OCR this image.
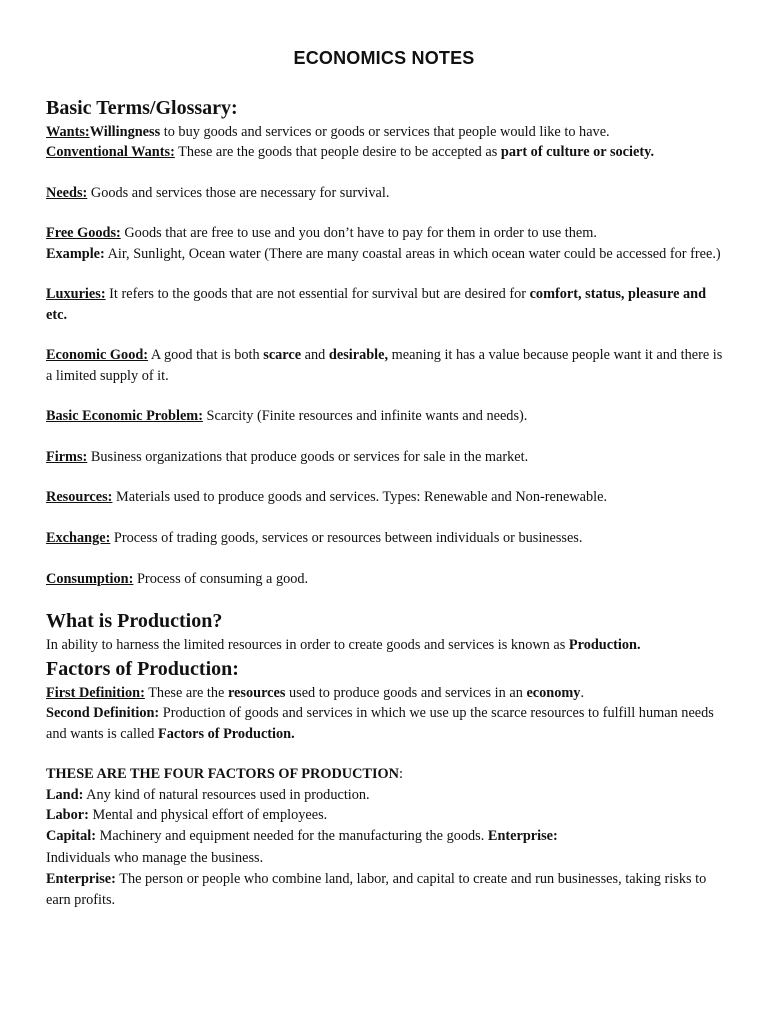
ECONOMICS NOTES
Basic Terms/Glossary:

Wants:Willingness to buy goods and services or goods or services that people would like to have.

Conventional Wants: These are the goods that people desire to be accepted as part of culture or society.

Needs: Goods and services those are necessary for survival.

Free Goods: Goods that are free to use and you don’t have to pay for them in order to use them.

Example: Air, Sunlight, Ocean water (There are many coastal areas in which ocean water could be accessed for free.)

Luxuries: It refers to the goods that are not essential for survival but are desired for comfort, status, pleasure and etc.

Economic Good: A good that is both scarce and desirable, meaning it has a value because people want it and there is a limited supply of it.

Basic Economic Problem: Scarcity (Finite resources and infinite wants and needs).

Firms: Business organizations that produce goods or services for sale in the market.

Resources: Materials used to produce goods and services. Types: Renewable and Non-renewable.

Exchange: Process of trading goods, services or resources between individuals or businesses.

Consumption: Process of consuming a good.

What is Production?

In ability to harness the limited resources in order to create goods and services is known as Production.

Factors of Production:

First Definition: These are the resources used to produce goods and services in an economy.

Second Definition: Production of goods and services in which we use up the scarce resources to fulfill human needs and wants is called Factors of Production.

THESE ARE THE FOUR FACTORS OF PRODUCTION:

Land: Any kind of natural resources used in production.

Labor: Mental and physical effort of employees.

Capital: Machinery and equipment needed for the manufacturing the goods. Enterprise:

Individuals who manage the business.

Enterprise: The person or people who combine land, labor, and capital to create and run businesses, taking risks to earn profits.
